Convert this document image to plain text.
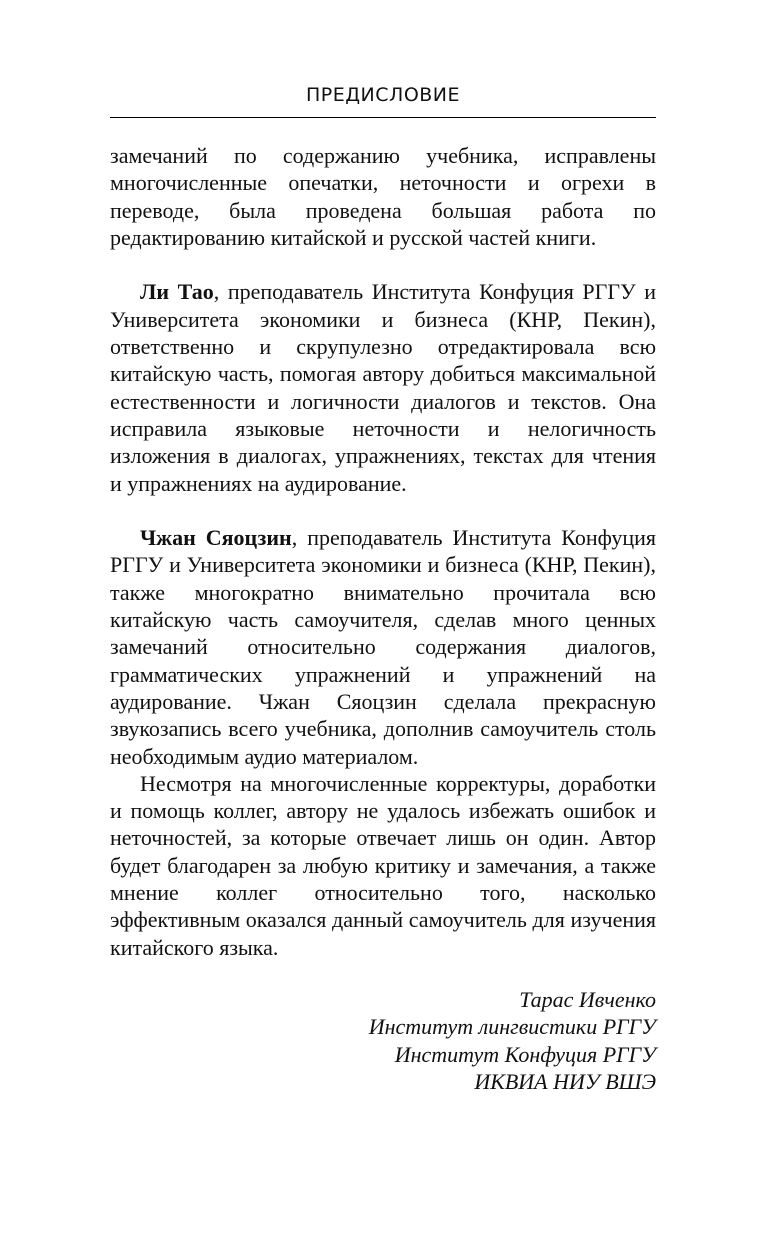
ПРЕДИСЛОВИЕ

замечаний по содержанию учебника, исправлены многочисленные опечатки, неточности и огрехи в переводе, была проведена большая работа по редактированию китайской и русской частей книги.

Ли Тао, преподаватель Института Конфуция РГГУ и Университета экономики и бизнеса (КНР, Пекин), ответственно и скрупулезно отредактировала всю китайскую часть, помогая автору добиться максимальной естественности и логичности диалогов и текстов. Она исправила языковые неточности и нелогичность изложения в диалогах, упражнениях, текстах для чтения и упражнениях на аудирование.

Чжан Сяоцзин, преподаватель Института Конфуция РГГУ и Университета экономики и бизнеса (КНР, Пекин), также многократно внимательно прочитала всю китайскую часть самоучителя, сделав много ценных замечаний относительно содержания диалогов, грамматических упражнений и упражнений на аудирование. Чжан Сяоцзин сделала прекрасную звукозапись всего учебника, дополнив самоучитель столь необходимым аудио материалом.

Несмотря на многочисленные корректуры, доработки и помощь коллег, автору не удалось избежать ошибок и неточностей, за которые отвечает лишь он один. Автор будет благодарен за любую критику и замечания, а также мнение коллег относительно того, насколько эффективным оказался данный самоучитель для изучения китайского языка.

Тарас Ивченко
Институт лингвистики РГГУ
Институт Конфуция РГГУ
ИКВИА НИУ ВШЭ
